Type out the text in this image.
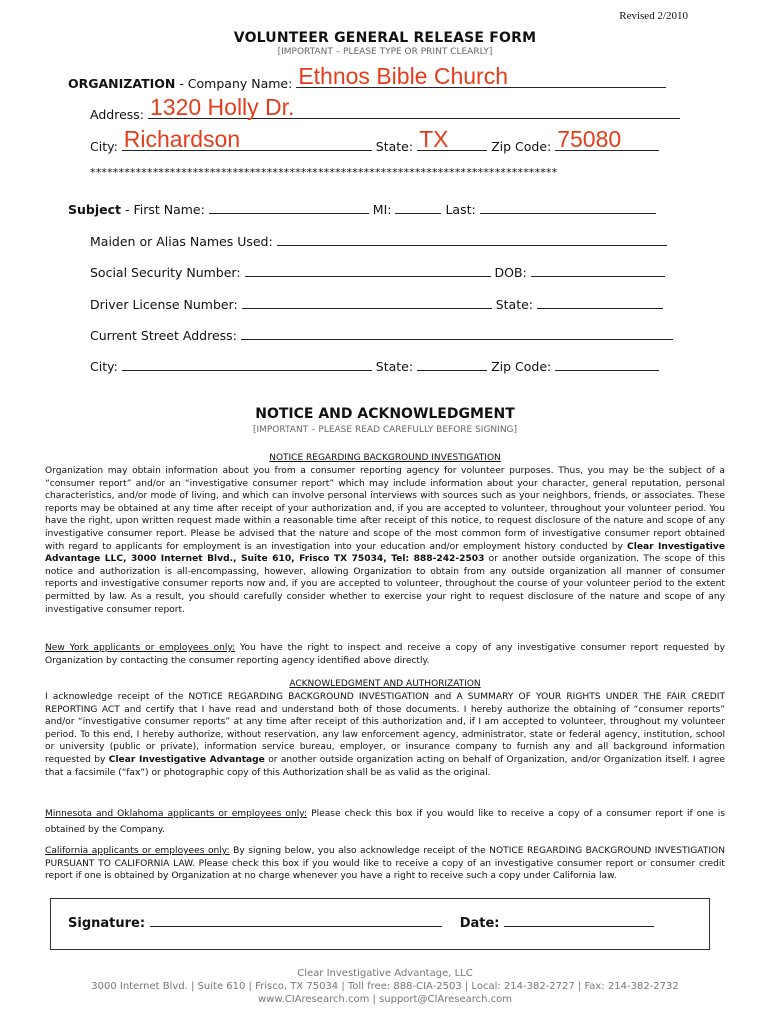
Revised 2/2010
VOLUNTEER GENERAL RELEASE FORM
[IMPORTANT – PLEASE TYPE OR PRINT CLEARLY]
ORGANIZATION - Company Name: Ethnos Bible Church
Address: 1320 Holly Dr.
City: Richardson	State: TX	Zip Code: 75080
**********************************************************************************
Subject - First Name:	MI:	Last:
Maiden or Alias Names Used:
Social Security Number:	DOB:
Driver License Number:	State:
Current Street Address:
City:	State:	Zip Code:
NOTICE AND ACKNOWLEDGMENT
[IMPORTANT – PLEASE READ CAREFULLY BEFORE SIGNING]
NOTICE REGARDING BACKGROUND INVESTIGATION
Organization may obtain information about you from a consumer reporting agency for volunteer purposes. Thus, you may be the subject of a “consumer report” and/or an “investigative consumer report” which may include information about your character, general reputation, personal characteristics, and/or mode of living, and which can involve personal interviews with sources such as your neighbors, friends, or associates. These reports may be obtained at any time after receipt of your authorization and, if you are accepted to volunteer, throughout your volunteer period. You have the right, upon written request made within a reasonable time after receipt of this notice, to request disclosure of the nature and scope of any investigative consumer report. Please be advised that the nature and scope of the most common form of investigative consumer report obtained with regard to applicants for employment is an investigation into your education and/or employment history conducted by Clear Investigative Advantage LLC, 3000 Internet Blvd., Suite 610, Frisco TX 75034, Tel: 888-242-2503 or another outside organization. The scope of this notice and authorization is all-encompassing, however, allowing Organization to obtain from any outside organization all manner of consumer reports and investigative consumer reports now and, if you are accepted to volunteer, throughout the course of your volunteer period to the extent permitted by law. As a result, you should carefully consider whether to exercise your right to request disclosure of the nature and scope of any investigative consumer report.
New York applicants or employees only: You have the right to inspect and receive a copy of any investigative consumer report requested by Organization by contacting the consumer reporting agency identified above directly.
ACKNOWLEDGMENT AND AUTHORIZATION
I acknowledge receipt of the NOTICE REGARDING BACKGROUND INVESTIGATION and A SUMMARY OF YOUR RIGHTS UNDER THE FAIR CREDIT REPORTING ACT and certify that I have read and understand both of those documents. I hereby authorize the obtaining of “consumer reports” and/or “investigative consumer reports” at any time after receipt of this authorization and, if I am accepted to volunteer, throughout my volunteer period. To this end, I hereby authorize, without reservation, any law enforcement agency, administrator, state or federal agency, institution, school or university (public or private), information service bureau, employer, or insurance company to furnish any and all background information requested by Clear Investigative Advantage or another outside organization acting on behalf of Organization, and/or Organization itself. I agree that a facsimile (“fax”) or photographic copy of this Authorization shall be as valid as the original.
Minnesota and Oklahoma applicants or employees only: Please check this box if you would like to receive a copy of a consumer report if one is obtained by the Company.
California applicants or employees only: By signing below, you also acknowledge receipt of the NOTICE REGARDING BACKGROUND INVESTIGATION PURSUANT TO CALIFORNIA LAW. Please check this box if you would like to receive a copy of an investigative consumer report or consumer credit report if one is obtained by Organization at no charge whenever you have a right to receive such a copy under California law.
Signature:	Date:
Clear Investigative Advantage, LLC
3000 Internet Blvd. | Suite 610 | Frisco, TX 75034 | Toll free: 888-CIA-2503 | Local: 214-382-2727 | Fax: 214-382-2732
www.CIAresearch.com | support@CIAresearch.com
